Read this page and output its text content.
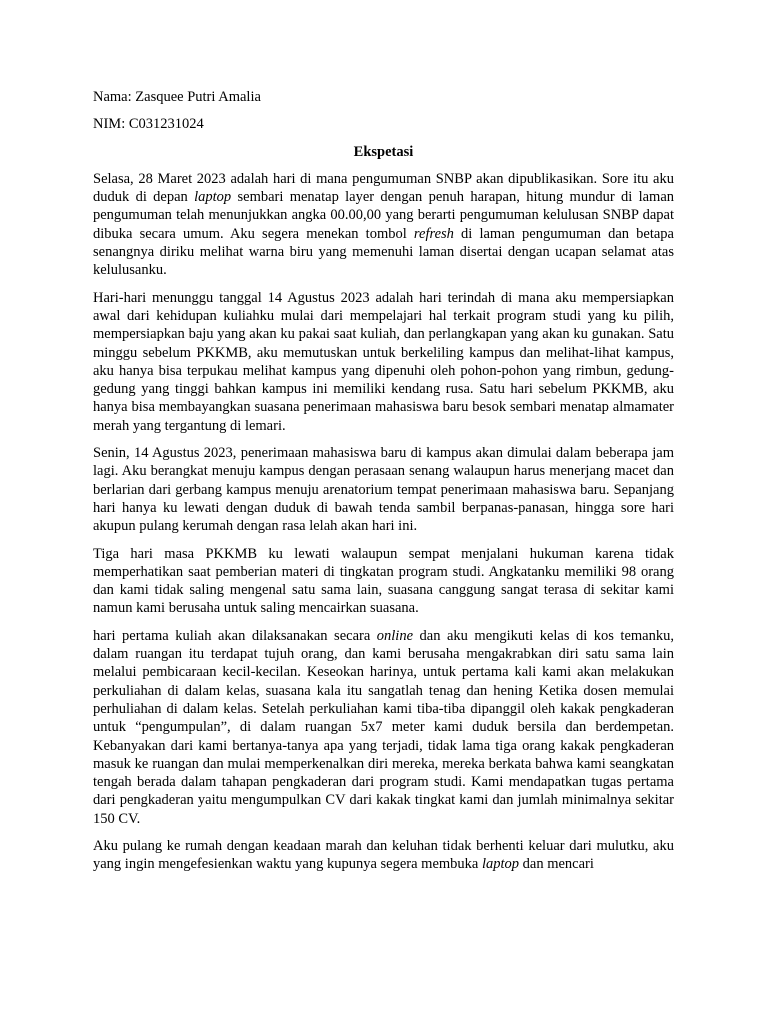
Nama: Zasquee Putri Amalia

NIM: C031231024

Ekspetasi

Selasa, 28 Maret 2023 adalah hari di mana pengumuman SNBP akan dipublikasikan. Sore itu aku duduk di depan laptop sembari menatap layer dengan penuh harapan, hitung mundur di laman pengumuman telah menunjukkan angka 00.00,00 yang berarti pengumuman kelulusan SNBP dapat dibuka secara umum. Aku segera menekan tombol refresh di laman pengumuman dan betapa senangnya diriku melihat warna biru yang memenuhi laman disertai dengan ucapan selamat atas kelulusanku.

Hari-hari menunggu tanggal 14 Agustus 2023 adalah hari terindah di mana aku mempersiapkan awal dari kehidupan kuliahku mulai dari mempelajari hal terkait program studi yang ku pilih, mempersiapkan baju yang akan ku pakai saat kuliah, dan perlangkapan yang akan ku gunakan. Satu minggu sebelum PKKMB, aku memutuskan untuk berkeliling kampus dan melihat-lihat kampus, aku hanya bisa terpukau melihat kampus yang dipenuhi oleh pohon-pohon yang rimbun, gedung-gedung yang tinggi bahkan kampus ini memiliki kendang rusa. Satu hari sebelum PKKMB, aku hanya bisa membayangkan suasana penerimaan mahasiswa baru besok sembari menatap almamater merah yang tergantung di lemari.

Senin, 14 Agustus 2023, penerimaan mahasiswa baru di kampus akan dimulai dalam beberapa jam lagi. Aku berangkat menuju kampus dengan perasaan senang walaupun harus menerjang macet dan berlarian dari gerbang kampus menuju arenatorium tempat penerimaan mahasiswa baru. Sepanjang hari hanya ku lewati dengan duduk di bawah tenda sambil berpanas-panasan, hingga sore hari akupun pulang kerumah dengan rasa lelah akan hari ini.

Tiga hari masa PKKMB ku lewati walaupun sempat menjalani hukuman karena tidak memperhatikan saat pemberian materi di tingkatan program studi. Angkatanku memiliki 98 orang dan kami tidak saling mengenal satu sama lain, suasana canggung sangat terasa di sekitar kami namun kami berusaha untuk saling mencairkan suasana.

hari pertama kuliah akan dilaksanakan secara online dan aku mengikuti kelas di kos temanku, dalam ruangan itu terdapat tujuh orang, dan kami berusaha mengakrabkan diri satu sama lain melalui pembicaraan kecil-kecilan. Keseokan harinya, untuk pertama kali kami akan melakukan perkuliahan di dalam kelas, suasana kala itu sangatlah tenag dan hening Ketika dosen memulai perhuliahan di dalam kelas. Setelah perkuliahan kami tiba-tiba dipanggil oleh kakak pengkaderan untuk “pengumpulan”, di dalam ruangan 5x7 meter kami duduk bersila dan berdempetan. Kebanyakan dari kami bertanya-tanya apa yang terjadi, tidak lama tiga orang kakak pengkaderan masuk ke ruangan dan mulai memperkenalkan diri mereka, mereka berkata bahwa kami seangkatan tengah berada dalam tahapan pengkaderan dari program studi. Kami mendapatkan tugas pertama dari pengkaderan yaitu mengumpulkan CV dari kakak tingkat kami dan jumlah minimalnya sekitar 150 CV.

Aku pulang ke rumah dengan keadaan marah dan keluhan tidak berhenti keluar dari mulutku, aku yang ingin mengefesienkan waktu yang kupunya segera membuka laptop dan mencari
